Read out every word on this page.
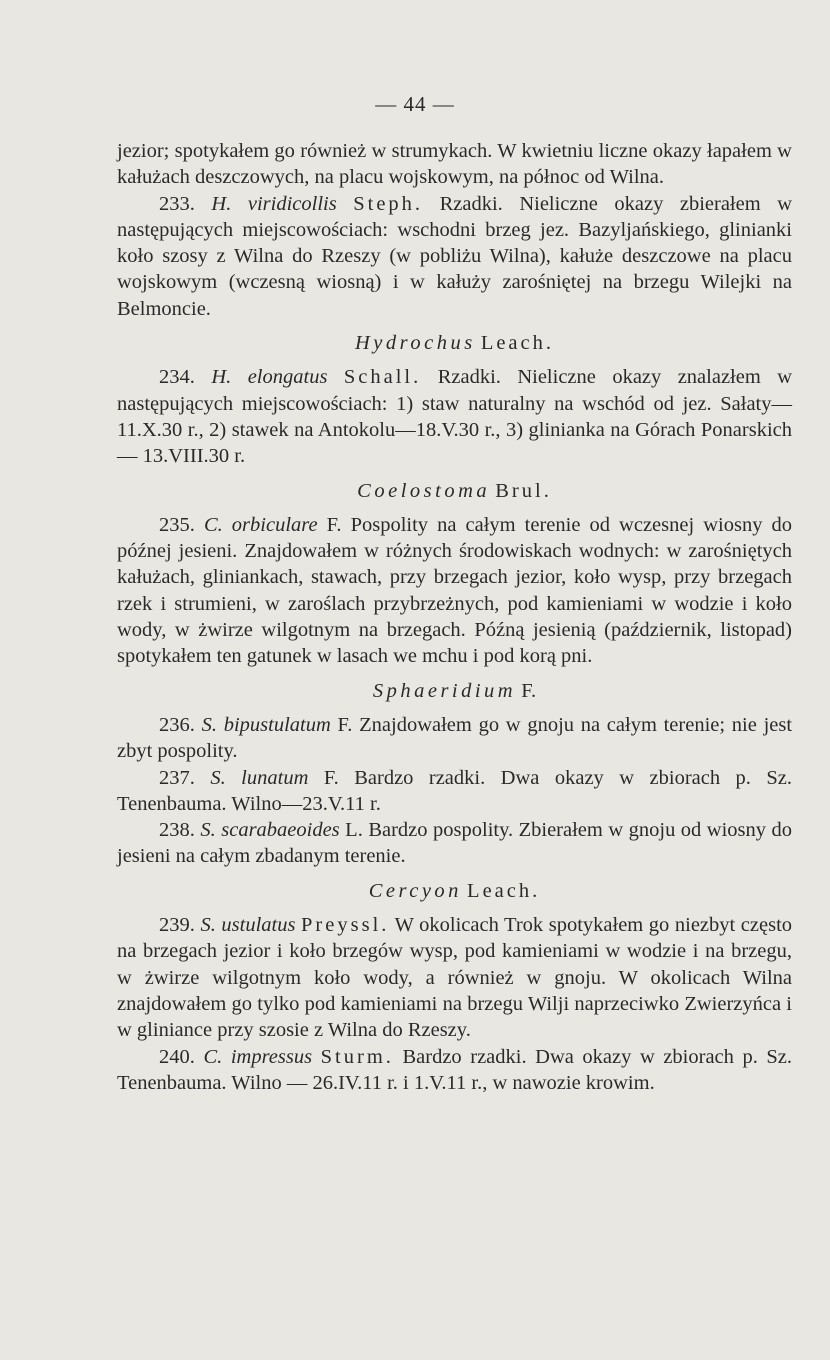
— 44 —

jezior; spotykałem go również w strumykach. W kwietniu liczne okazy łapałem w kałużach deszczowych, na placu wojskowym, na północ od Wilna.

233. H. viridicollis Steph. Rzadki. Nieliczne okazy zbierałem w następujących miejscowościach: wschodni brzeg jez. Bazyljańskiego, glinianki koło szosy z Wilna do Rzeszy (w pobliżu Wilna), kałuże deszczowe na placu wojskowym (wczesną wiosną) i w kałuży zarośniętej na brzegu Wilejki na Belmoncie.

Hydrochus Leach.

234. H. elongatus Schall. Rzadki. Nieliczne okazy znalazłem w następujących miejscowościach: 1) staw naturalny na wschód od jez. Sałaty—11.X.30 r., 2) stawek na Antokolu—18.V.30 r., 3) glinianka na Górach Ponarskich — 13.VIII.30 r.

Coelostoma Brul.

235. C. orbiculare F. Pospolity na całym terenie od wczesnej wiosny do późnej jesieni. Znajdowałem w różnych środowiskach wodnych: w zarośniętych kałużach, gliniankach, stawach, przy brzegach jezior, koło wysp, przy brzegach rzek i strumieni, w zaroślach przybrzeżnych, pod kamieniami w wodzie i koło wody, w żwirze wilgotnym na brzegach. Późną jesienią (październik, listopad) spotykałem ten gatunek w lasach we mchu i pod korą pni.

Sphaeridium F.

236. S. bipustulatum F. Znajdowałem go w gnoju na całym terenie; nie jest zbyt pospolity.

237. S. lunatum F. Bardzo rzadki. Dwa okazy w zbiorach p. Sz. Tenenbauma. Wilno—23.V.11 r.

238. S. scarabaeoides L. Bardzo pospolity. Zbierałem w gnoju od wiosny do jesieni na całym zbadanym terenie.

Cercyon Leach.

239. S. ustulatus Preyssl. W okolicach Trok spotykałem go niezbyt często na brzegach jezior i koło brzegów wysp, pod kamieniami w wodzie i na brzegu, w żwirze wilgotnym koło wody, a również w gnoju. W okolicach Wilna znajdowałem go tylko pod kamieniami na brzegu Wilji naprzeciwko Zwierzyńca i w gliniance przy szosie z Wilna do Rzeszy.

240. C. impressus Sturm. Bardzo rzadki. Dwa okazy w zbiorach p. Sz. Tenenbauma. Wilno — 26.IV.11 r. i 1.V.11 r., w nawozie krowim.
